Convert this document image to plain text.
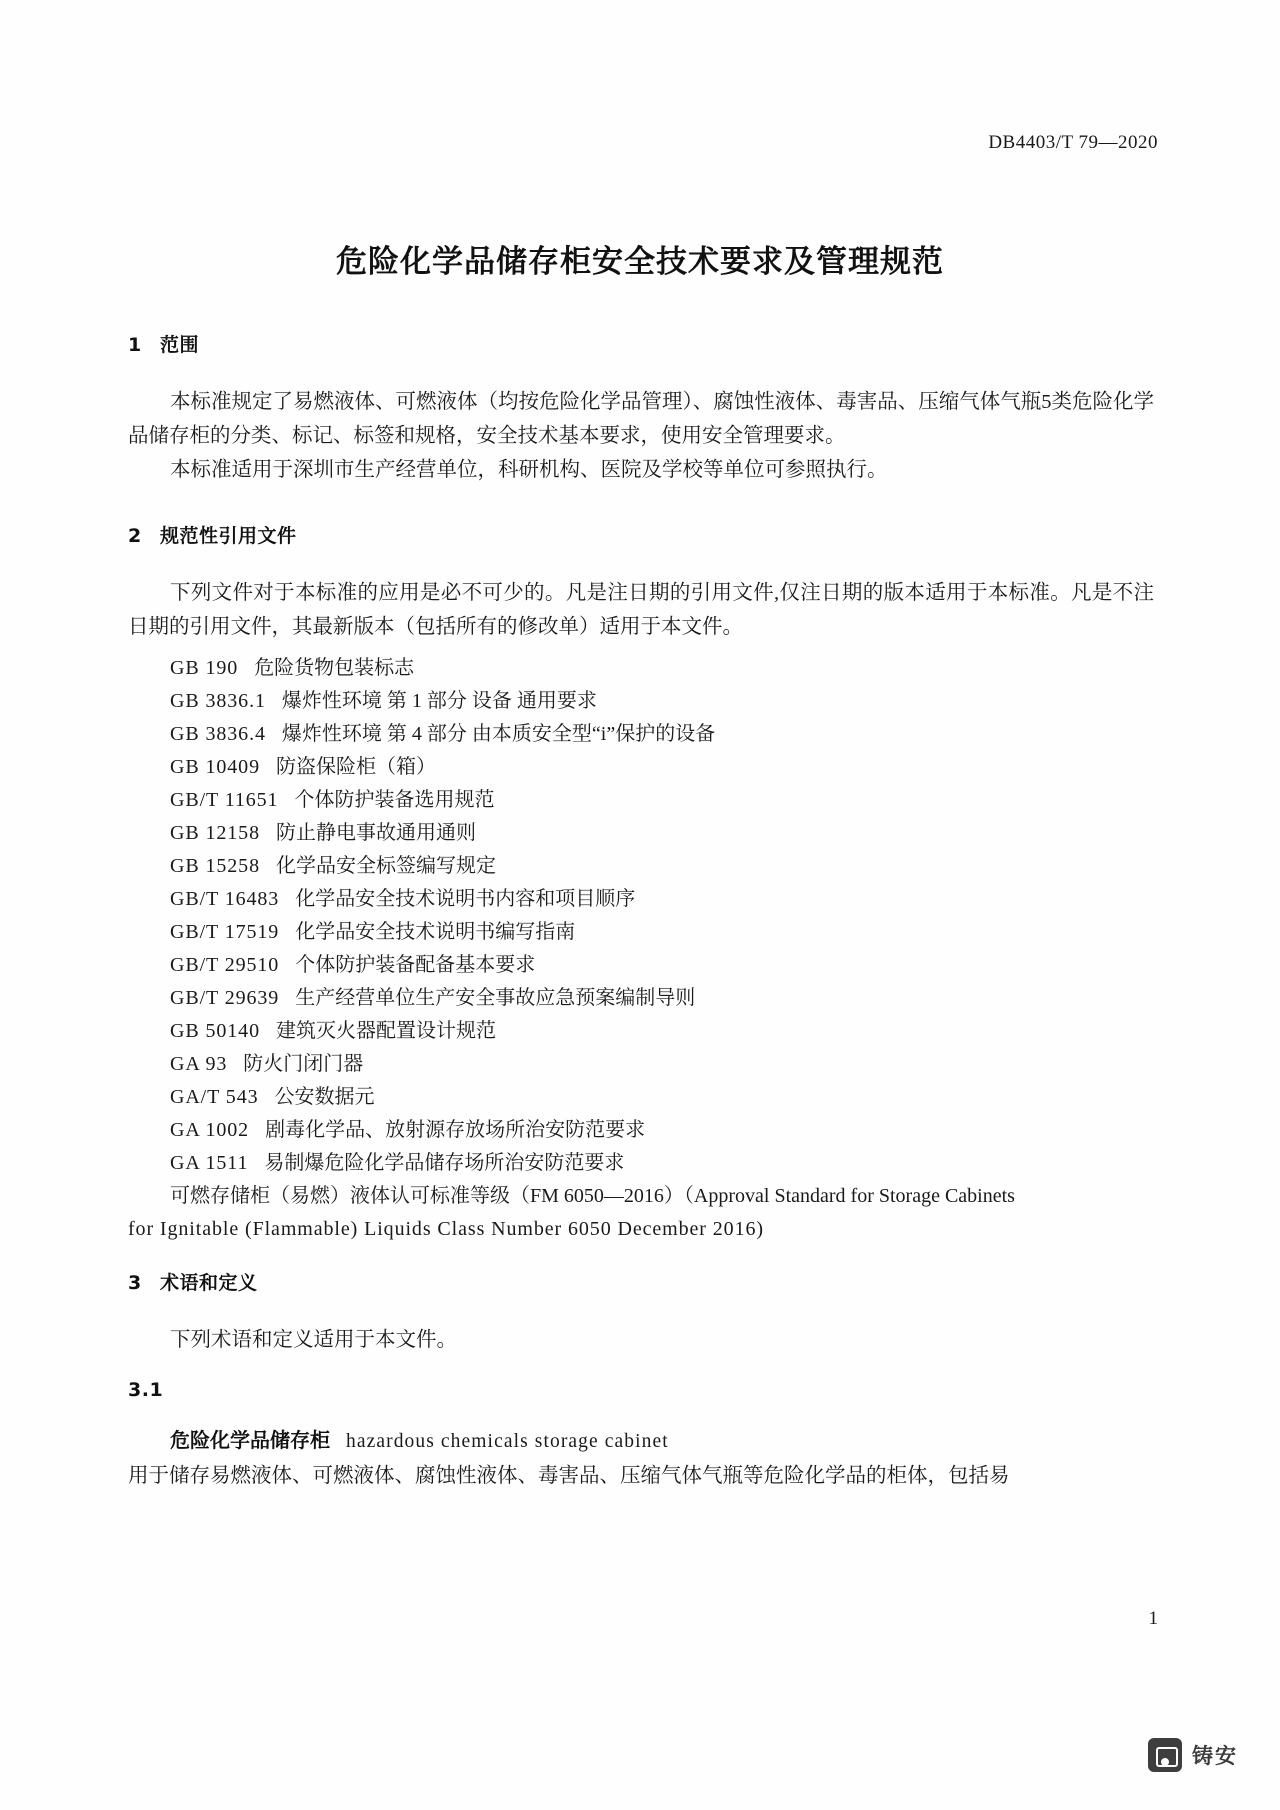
DB4403/T 79—2020
危险化学品储存柜安全技术要求及管理规范
1 范围

本标准规定了易燃液体、可燃液体（均按危险化学品管理）、腐蚀性液体、毒害品、压缩气体气瓶5类危险化学品储存柜的分类、标记、标签和规格，安全技术基本要求，使用安全管理要求。

本标准适用于深圳市生产经营单位，科研机构、医院及学校等单位可参照执行。

2 规范性引用文件

下列文件对于本标准的应用是必不可少的。凡是注日期的引用文件,仅注日期的版本适用于本标准。凡是不注日期的引用文件，其最新版本（包括所有的修改单）适用于本文件。

GB 190 危险货物包装标志

GB 3836.1 爆炸性环境 第 1 部分 设备 通用要求

GB 3836.4 爆炸性环境 第 4 部分 由本质安全型“i”保护的设备

GB 10409 防盗保险柜（箱）

GB/T 11651 个体防护装备选用规范

GB 12158 防止静电事故通用通则

GB 15258 化学品安全标签编写规定

GB/T 16483 化学品安全技术说明书内容和项目顺序

GB/T 17519 化学品安全技术说明书编写指南

GB/T 29510 个体防护装备配备基本要求

GB/T 29639 生产经营单位生产安全事故应急预案编制导则

GB 50140 建筑灭火器配置设计规范

GA 93 防火门闭门器

GA/T 543 公安数据元

GA 1002 剧毒化学品、放射源存放场所治安防范要求

GA 1511 易制爆危险化学品储存场所治安防范要求

可燃存储柜（易燃）液体认可标准等级（FM 6050—2016）（Approval Standard for Storage Cabinets
for Ignitable (Flammable) Liquids Class Number 6050 December 2016)

3 术语和定义

下列术语和定义适用于本文件。

3.1

危险化学品储存柜 hazardous chemicals storage cabinet

用于储存易燃液体、可燃液体、腐蚀性液体、毒害品、压缩气体气瓶等危险化学品的柜体，包括易

1
铸安
